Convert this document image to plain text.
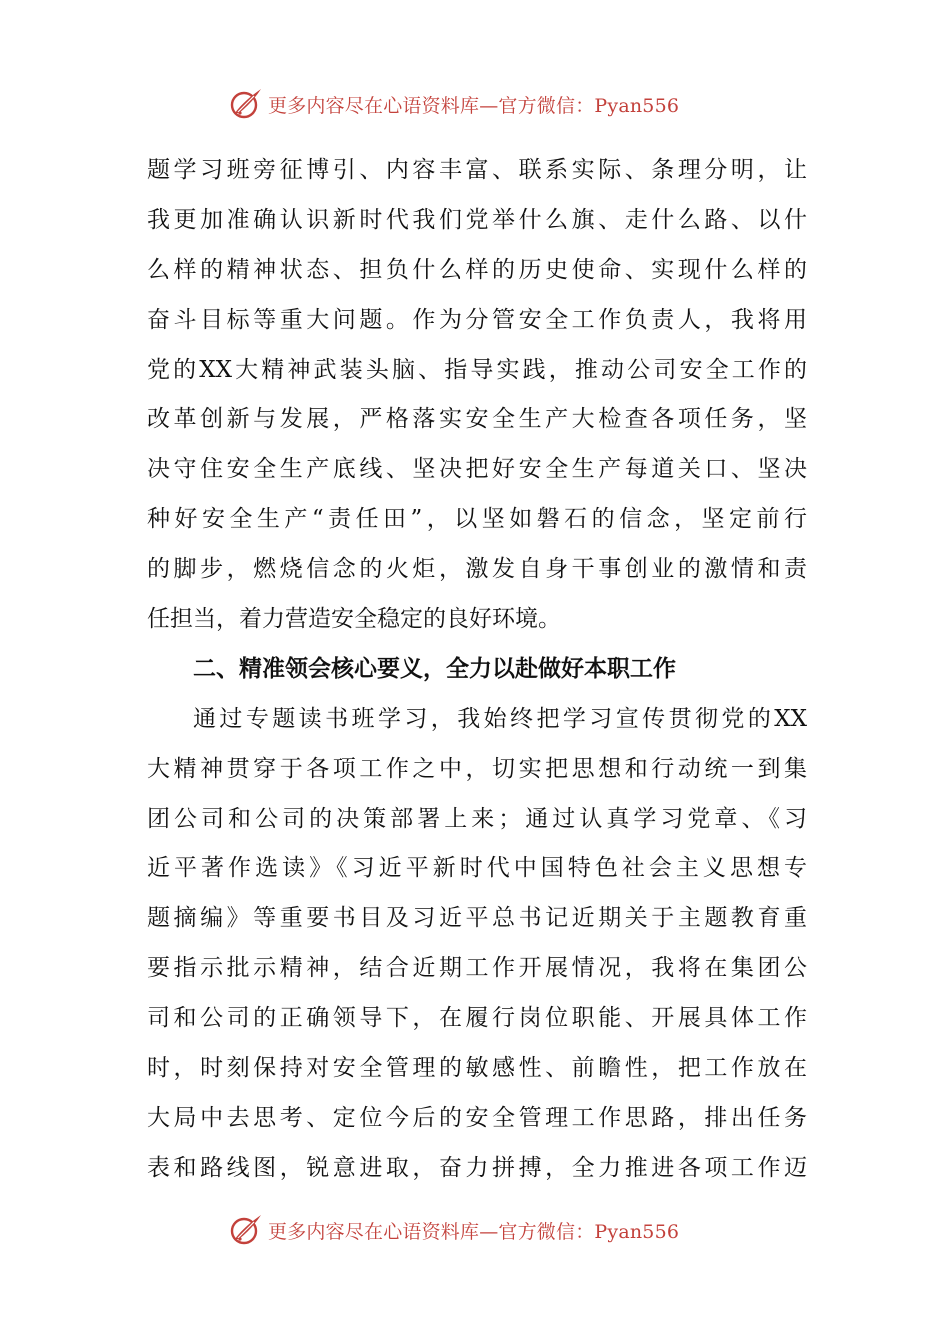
更多内容尽在心语资料库—官方微信：Pyan556
题学习班旁征博引、内容丰富、联系实际、条理分明，让
我更加准确认识新时代我们党举什么旗、走什么路、以什
么样的精神状态、担负什么样的历史使命、实现什么样的
奋斗目标等重大问题。作为分管安全工作负责人，我将用
党的XX大精神武装头脑、指导实践，推动公司安全工作的
改革创新与发展，严格落实安全生产大检查各项任务，坚
决守住安全生产底线、坚决把好安全生产每道关口、坚决
种好安全生产“责任田”，以坚如磐石的信念，坚定前行
的脚步，燃烧信念的火炬，激发自身干事创业的激情和责
任担当，着力营造安全稳定的良好环境。
二、精准领会核心要义，全力以赴做好本职工作
通过专题读书班学习，我始终把学习宣传贯彻党的XX
大精神贯穿于各项工作之中，切实把思想和行动统一到集
团公司和公司的决策部署上来；通过认真学习党章、《习
近平著作选读》《习近平新时代中国特色社会主义思想专
题摘编》等重要书目及习近平总书记近期关于主题教育重
要指示批示精神，结合近期工作开展情况，我将在集团公
司和公司的正确领导下，在履行岗位职能、开展具体工作
时，时刻保持对安全管理的敏感性、前瞻性，把工作放在
大局中去思考、定位今后的安全管理工作思路，排出任务
表和路线图，锐意进取，奋力拼搏，全力推进各项工作迈
更多内容尽在心语资料库—官方微信：Pyan556
